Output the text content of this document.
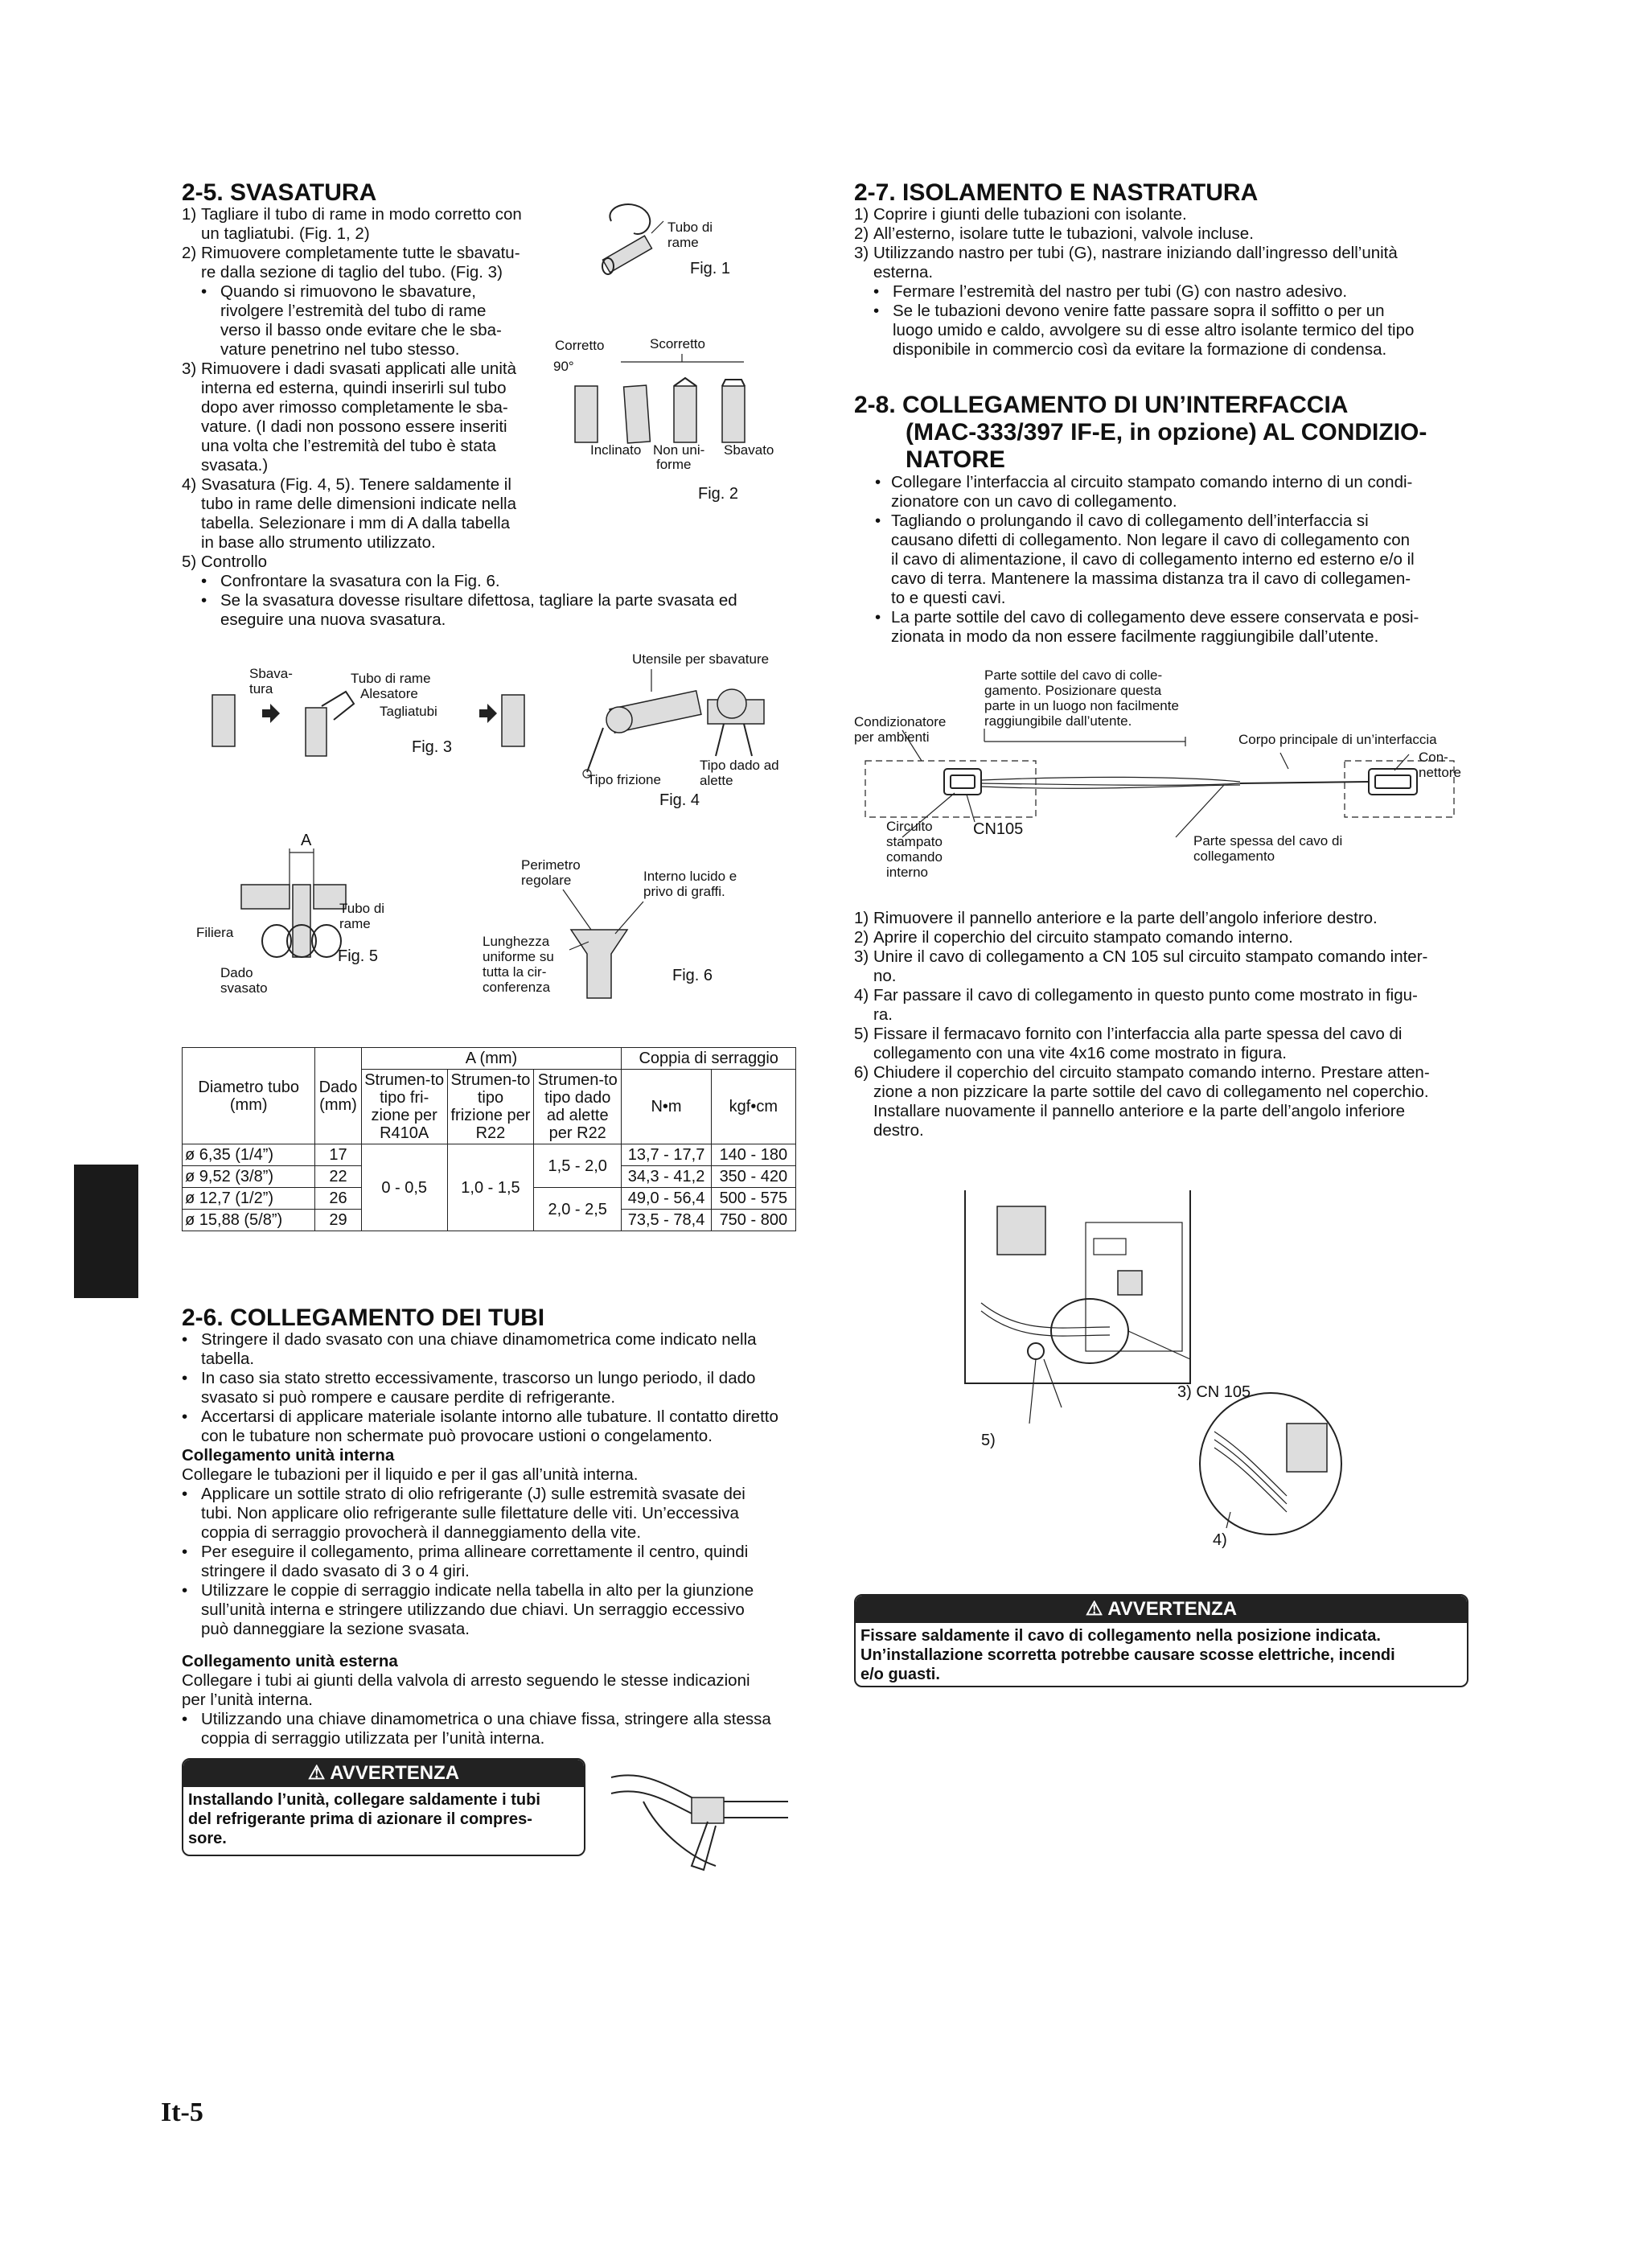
2-5. SVASATURA
1) Tagliare il tubo di rame in modo corretto con
un tagliatubi. (Fig. 1, 2)
2) Rimuovere completamente tutte le sbavatu-
re dalla sezione di taglio del tubo. (Fig. 3)
• Quando si rimuovono le sbavature,
rivolgere l’estremità del tubo di rame
verso il basso onde evitare che le sba-
vature penetrino nel tubo stesso.
3) Rimuovere i dadi svasati applicati alle unità
interna ed esterna, quindi inserirli sul tubo
dopo aver rimosso completamente le sba-
vature. (I dadi non possono essere inseriti
una volta che l’estremità del tubo è stata
svasata.)
4) Svasatura (Fig. 4, 5). Tenere saldamente il
tubo in rame delle dimensioni indicate nella
tabella. Selezionare i mm di A dalla tabella
in base allo strumento utilizzato.
5) Controllo
• Confrontare la svasatura con la Fig. 6.
• Se la svasatura dovesse risultare difettosa, tagliare la parte svasata ed
eseguire una nuova svasatura.
Tubo di
rame
Fig. 1
Corretto	Scorretto
90°
Inclinato Non uni-
forme
Sbavato
Fig. 2
Sbava-
tura
Tubo di rame
Alesatore
Tagliatubi
Fig. 3
Utensile per sbavature
Tipo frizione
Tipo dado ad
alette
Fig. 4
A
Tubo di
rame
Filiera
Fig. 5
Dado
svasato
Perimetro
regolare	Interno lucido e
privo di graffi.
Lunghezza
uniforme su
tutta la cir-
conferenza
Fig. 6
Diametro tubo (mm)	Dado (mm)	A (mm)			Coppia di serraggio	
		Strumen-to tipo fri-zione per R410A	Strumen-to tipo frizione per R22	Strumen-to tipo dado ad alette per R22	N•m	kgf•cm
ø 6,35 (1/4”)	17	0 - 0,5	1,0 - 1,5	1,5 - 2,0	13,7 - 17,7	140 - 180
ø 9,52 (3/8”)	22				34,3 - 41,2	350 - 420
ø 12,7 (1/2”)	26			2,0 - 2,5	49,0 - 56,4	500 - 575
ø 15,88 (5/8”)	29				73,5 - 78,4	750 - 800
2-6. COLLEGAMENTO DEI TUBI
• Stringere il dado svasato con una chiave dinamometrica come indicato nella
tabella.
• In caso sia stato stretto eccessivamente, trascorso un lungo periodo, il dado
svasato si può rompere e causare perdite di refrigerante.
• Accertarsi di applicare materiale isolante intorno alle tubature. Il contatto diretto
con le tubature non schermate può provocare ustioni o congelamento.
Collegamento unità interna
Collegare le tubazioni per il liquido e per il gas all’unità interna.
• Applicare un sottile strato di olio refrigerante (J) sulle estremità svasate dei
tubi. Non applicare olio refrigerante sulle filettature delle viti. Un’eccessiva
coppia di serraggio provocherà il danneggiamento della vite.
• Per eseguire il collegamento, prima allineare correttamente il centro, quindi
stringere il dado svasato di 3 o 4 giri.
• Utilizzare le coppie di serraggio indicate nella tabella in alto per la giunzione
sull’unità interna e stringere utilizzando due chiavi. Un serraggio eccessivo
può danneggiare la sezione svasata.
Collegamento unità esterna
Collegare i tubi ai giunti della valvola di arresto seguendo le stesse indicazioni
per l’unità interna.
• Utilizzando una chiave dinamometrica o una chiave fissa, stringere alla stessa
coppia di serraggio utilizzata per l’unità interna.
⚠ AVVERTENZA
Installando l’unità, collegare saldamente i tubi
del refrigerante prima di azionare il compres-
sore.
2-7. ISOLAMENTO E NASTRATURA
1) Coprire i giunti delle tubazioni con isolante.
2) All’esterno, isolare tutte le tubazioni, valvole incluse.
3) Utilizzando nastro per tubi (G), nastrare iniziando dall’ingresso dell’unità
esterna.
• Fermare l’estremità del nastro per tubi (G) con nastro adesivo.
• Se le tubazioni devono venire fatte passare sopra il soffitto o per un
luogo umido e caldo, avvolgere su di esse altro isolante termico del tipo
disponibile in commercio così da evitare la formazione di condensa.
2-8. COLLEGAMENTO DI UN’INTERFACCIA
(MAC-333/397 IF-E, in opzione) AL CONDIZIO-
NATORE
• Collegare l’interfaccia al circuito stampato comando interno di un condi-
zionatore con un cavo di collegamento.
• Tagliando o prolungando il cavo di collegamento dell’interfaccia si
causano difetti di collegamento. Non legare il cavo di collegamento con
il cavo di alimentazione, il cavo di collegamento interno ed esterno e/o il
cavo di terra. Mantenere la massima distanza tra il cavo di collegamen-
to e questi cavi.
• La parte sottile del cavo di collegamento deve essere conservata e posi-
zionata in modo da non essere facilmente raggiungibile dall’utente.
Parte sottile del cavo di colle-
gamento. Posizionare questa
parte in un luogo non facilmente
raggiungibile dall’utente.
Condizionatore
per ambienti	Corpo principale di un’interfaccia
Con-
nettore
Circuito
stampato
comando
interno
CN105
Parte spessa del cavo di
collegamento
1) Rimuovere il pannello anteriore e la parte dell’angolo inferiore destro.
2) Aprire il coperchio del circuito stampato comando interno.
3) Unire il cavo di collegamento a CN 105 sul circuito stampato comando inter-
no.
4) Far passare il cavo di collegamento in questo punto come mostrato in figu-
ra.
5) Fissare il fermacavo fornito con l’interfaccia alla parte spessa del cavo di
collegamento con una vite 4x16 come mostrato in figura.
6) Chiudere il coperchio del circuito stampato comando interno. Prestare atten-
zione a non pizzicare la parte sottile del cavo di collegamento nel coperchio.
Installare nuovamente il pannello anteriore e la parte dell’angolo inferiore
destro.
3) CN 105
5)
4)
⚠ AVVERTENZA
Fissare saldamente il cavo di collegamento nella posizione indicata.
Un’installazione scorretta potrebbe causare scosse elettriche, incendi
e/o guasti.
It-5
